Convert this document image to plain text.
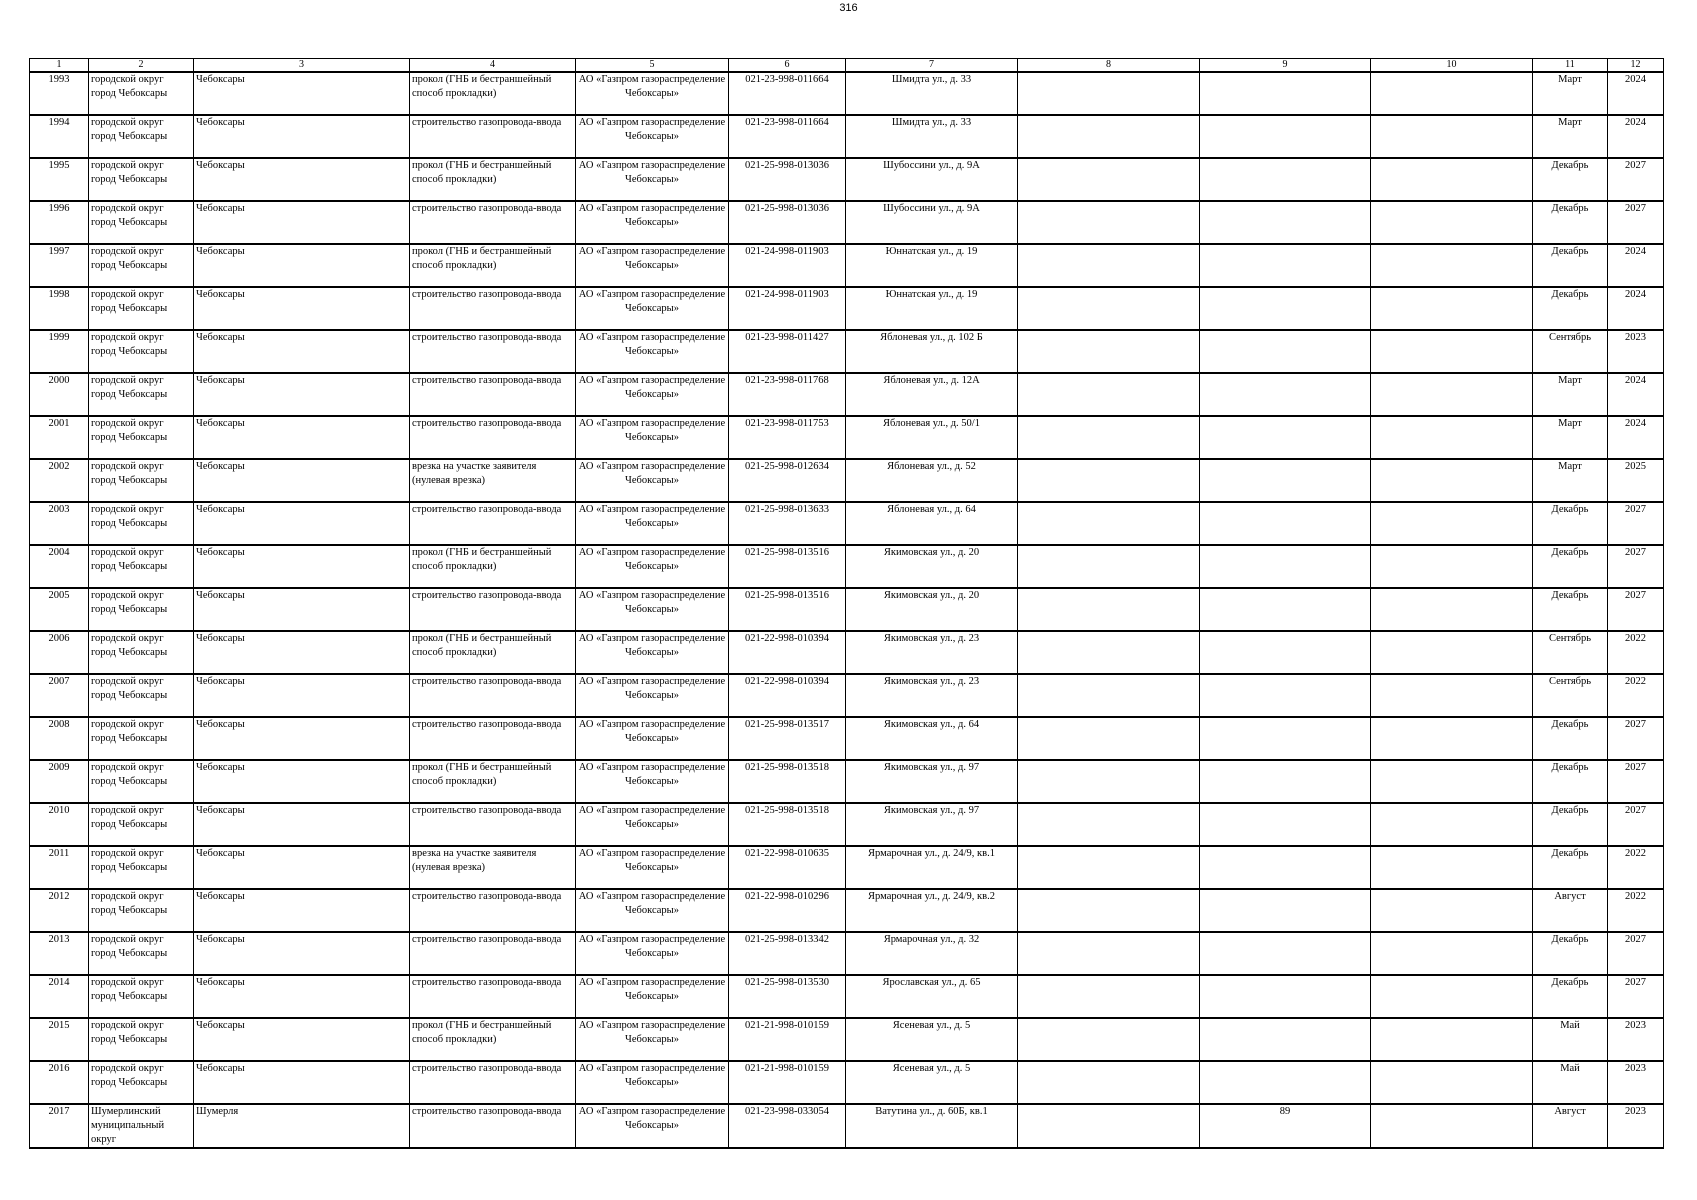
316
1	2	3	4	5	6	7	8	9	10	11	12
1993	городской округ город Чебоксары	Чебоксары	прокол (ГНБ и бестраншейный способ прокладки)	АО «Газпром газораспределение Чебоксары»	021-23-998-011664	Шмидта ул., д. 33				Март	2024
1994	городской округ город Чебоксары	Чебоксары	строительство газопровода-ввода	АО «Газпром газораспределение Чебоксары»	021-23-998-011664	Шмидта ул., д. 33				Март	2024
1995	городской округ город Чебоксары	Чебоксары	прокол (ГНБ и бестраншейный способ прокладки)	АО «Газпром газораспределение Чебоксары»	021-25-998-013036	Шубоссини ул., д. 9А				Декабрь	2027
1996	городской округ город Чебоксары	Чебоксары	строительство газопровода-ввода	АО «Газпром газораспределение Чебоксары»	021-25-998-013036	Шубоссини ул., д. 9А				Декабрь	2027
1997	городской округ город Чебоксары	Чебоксары	прокол (ГНБ и бестраншейный способ прокладки)	АО «Газпром газораспределение Чебоксары»	021-24-998-011903	Юннатская ул., д. 19				Декабрь	2024
1998	городской округ город Чебоксары	Чебоксары	строительство газопровода-ввода	АО «Газпром газораспределение Чебоксары»	021-24-998-011903	Юннатская ул., д. 19				Декабрь	2024
1999	городской округ город Чебоксары	Чебоксары	строительство газопровода-ввода	АО «Газпром газораспределение Чебоксары»	021-23-998-011427	Яблоневая ул., д. 102 Б				Сентябрь	2023
2000	городской округ город Чебоксары	Чебоксары	строительство газопровода-ввода	АО «Газпром газораспределение Чебоксары»	021-23-998-011768	Яблоневая ул., д. 12А				Март	2024
2001	городской округ город Чебоксары	Чебоксары	строительство газопровода-ввода	АО «Газпром газораспределение Чебоксары»	021-23-998-011753	Яблоневая ул., д. 50/1				Март	2024
2002	городской округ город Чебоксары	Чебоксары	врезка на участке заявителя (нулевая врезка)	АО «Газпром газораспределение Чебоксары»	021-25-998-012634	Яблоневая ул., д. 52				Март	2025
2003	городской округ город Чебоксары	Чебоксары	строительство газопровода-ввода	АО «Газпром газораспределение Чебоксары»	021-25-998-013633	Яблоневая ул., д. 64				Декабрь	2027
2004	городской округ город Чебоксары	Чебоксары	прокол (ГНБ и бестраншейный способ прокладки)	АО «Газпром газораспределение Чебоксары»	021-25-998-013516	Якимовская ул., д. 20				Декабрь	2027
2005	городской округ город Чебоксары	Чебоксары	строительство газопровода-ввода	АО «Газпром газораспределение Чебоксары»	021-25-998-013516	Якимовская ул., д. 20				Декабрь	2027
2006	городской округ город Чебоксары	Чебоксары	прокол (ГНБ и бестраншейный способ прокладки)	АО «Газпром газораспределение Чебоксары»	021-22-998-010394	Якимовская ул., д. 23				Сентябрь	2022
2007	городской округ город Чебоксары	Чебоксары	строительство газопровода-ввода	АО «Газпром газораспределение Чебоксары»	021-22-998-010394	Якимовская ул., д. 23				Сентябрь	2022
2008	городской округ город Чебоксары	Чебоксары	строительство газопровода-ввода	АО «Газпром газораспределение Чебоксары»	021-25-998-013517	Якимовская ул., д. 64				Декабрь	2027
2009	городской округ город Чебоксары	Чебоксары	прокол (ГНБ и бестраншейный способ прокладки)	АО «Газпром газораспределение Чебоксары»	021-25-998-013518	Якимовская ул., д. 97				Декабрь	2027
2010	городской округ город Чебоксары	Чебоксары	строительство газопровода-ввода	АО «Газпром газораспределение Чебоксары»	021-25-998-013518	Якимовская ул., д. 97				Декабрь	2027
2011	городской округ город Чебоксары	Чебоксары	врезка на участке заявителя (нулевая врезка)	АО «Газпром газораспределение Чебоксары»	021-22-998-010635	Ярмарочная ул., д. 24/9, кв.1				Декабрь	2022
2012	городской округ город Чебоксары	Чебоксары	строительство газопровода-ввода	АО «Газпром газораспределение Чебоксары»	021-22-998-010296	Ярмарочная ул., д. 24/9, кв.2				Август	2022
2013	городской округ город Чебоксары	Чебоксары	строительство газопровода-ввода	АО «Газпром газораспределение Чебоксары»	021-25-998-013342	Ярмарочная ул., д. 32				Декабрь	2027
2014	городской округ город Чебоксары	Чебоксары	строительство газопровода-ввода	АО «Газпром газораспределение Чебоксары»	021-25-998-013530	Ярославская ул., д. 65				Декабрь	2027
2015	городской округ город Чебоксары	Чебоксары	прокол (ГНБ и бестраншейный способ прокладки)	АО «Газпром газораспределение Чебоксары»	021-21-998-010159	Ясеневая ул., д. 5				Май	2023
2016	городской округ город Чебоксары	Чебоксары	строительство газопровода-ввода	АО «Газпром газораспределение Чебоксары»	021-21-998-010159	Ясеневая ул., д. 5				Май	2023
2017	Шумерлинский муниципальный округ	Шумерля	строительство газопровода-ввода	АО «Газпром газораспределение Чебоксары»	021-23-998-033054	Ватутина ул., д. 60Б, кв.1		89		Август	2023
